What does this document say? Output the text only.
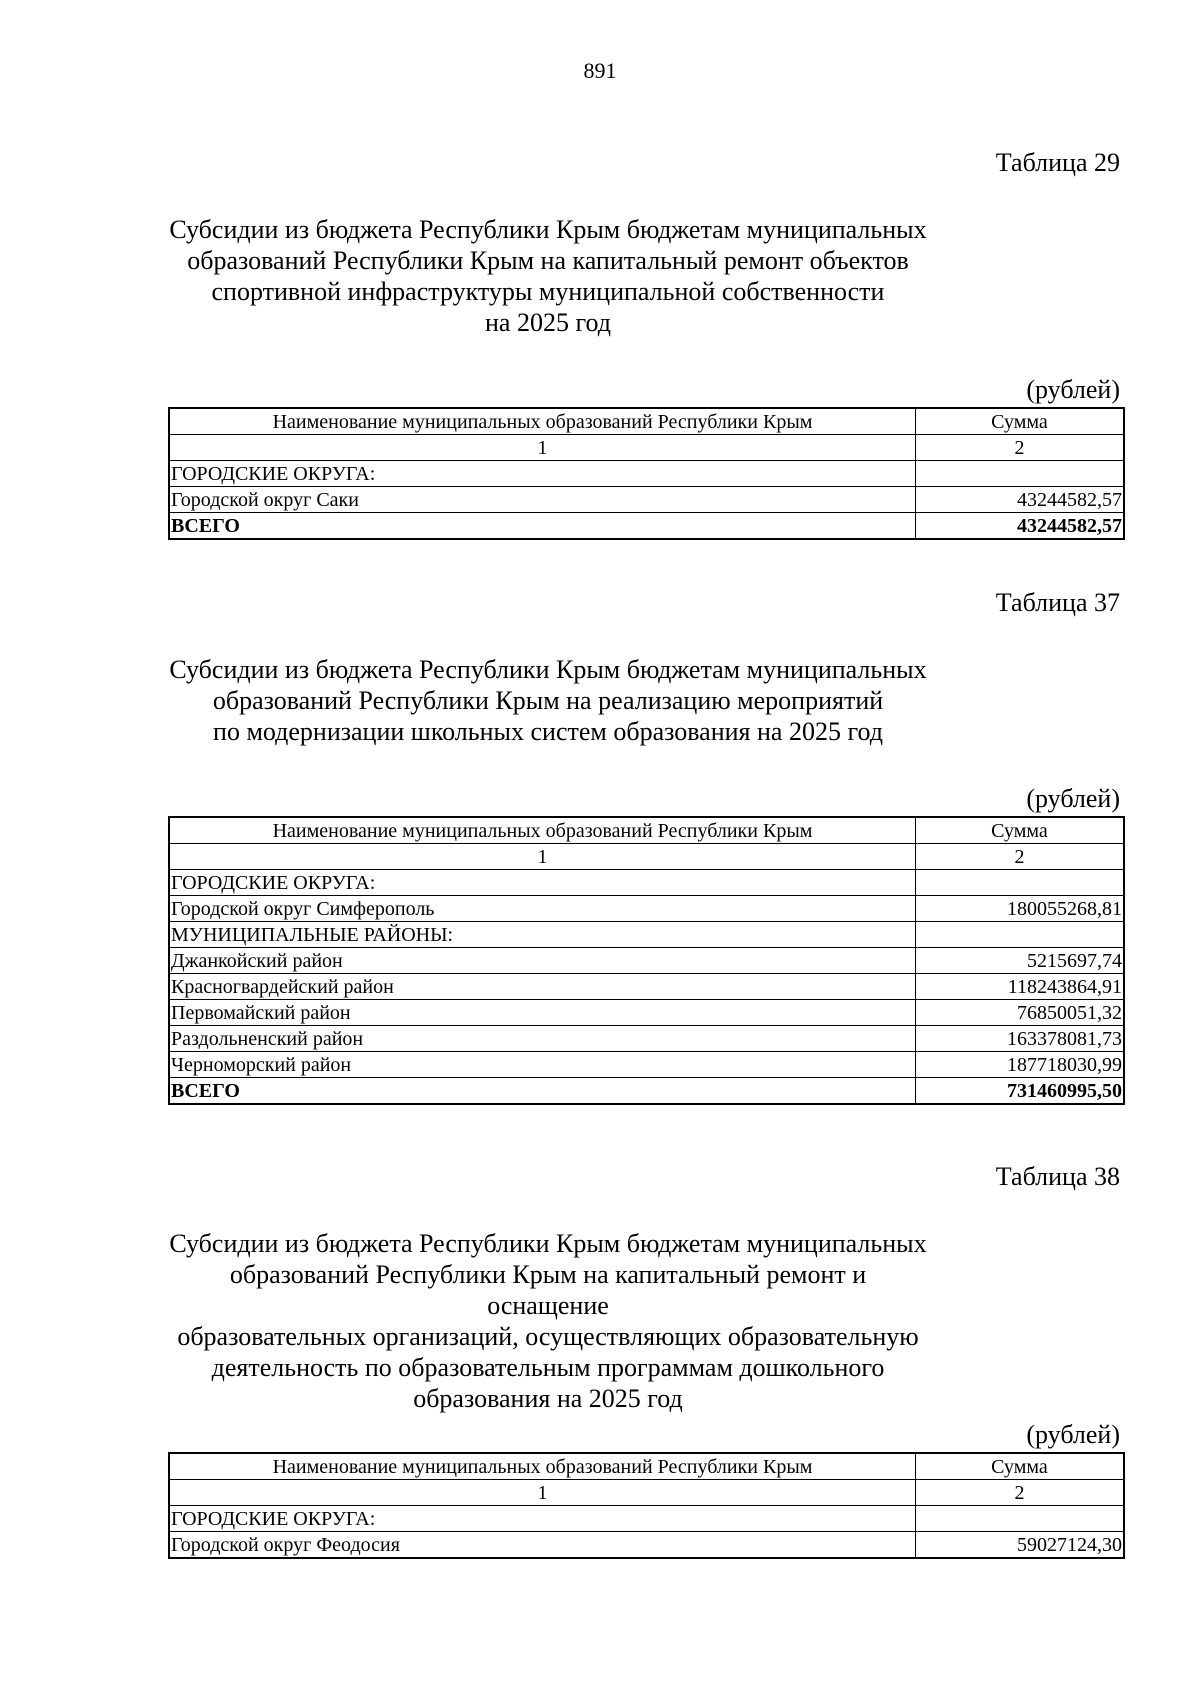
891
Таблица 29
Субсидии из бюджета Республики Крым бюджетам муниципальных
образований Республики Крым на капитальный ремонт объектов
спортивной инфраструктуры муниципальной собственности
на 2025 год
(рублей)
Наименование муниципальных образований Республики Крым	Сумма
1	2
ГОРОДСКИЕ ОКРУГА:	
Городской округ Саки	43244582,57
ВСЕГО	43244582,57
Таблица 37
Субсидии из бюджета Республики Крым бюджетам муниципальных
образований Республики Крым на реализацию мероприятий
по модернизации школьных систем образования на 2025 год
(рублей)
Наименование муниципальных образований Республики Крым	Сумма
1	2
ГОРОДСКИЕ ОКРУГА:	
Городской округ Симферополь	180055268,81
МУНИЦИПАЛЬНЫЕ РАЙОНЫ:	
Джанкойский район	5215697,74
Красногвардейский район	118243864,91
Первомайский район	76850051,32
Раздольненский район	163378081,73
Черноморский район	187718030,99
ВСЕГО	731460995,50
Таблица 38
Субсидии из бюджета Республики Крым бюджетам муниципальных
образований Республики Крым на капитальный ремонт и оснащение
образовательных организаций, осуществляющих образовательную
деятельность по образовательным программам дошкольного
образования на 2025 год
(рублей)
Наименование муниципальных образований Республики Крым	Сумма
1	2
ГОРОДСКИЕ ОКРУГА:	
Городской округ Феодосия	59027124,30
